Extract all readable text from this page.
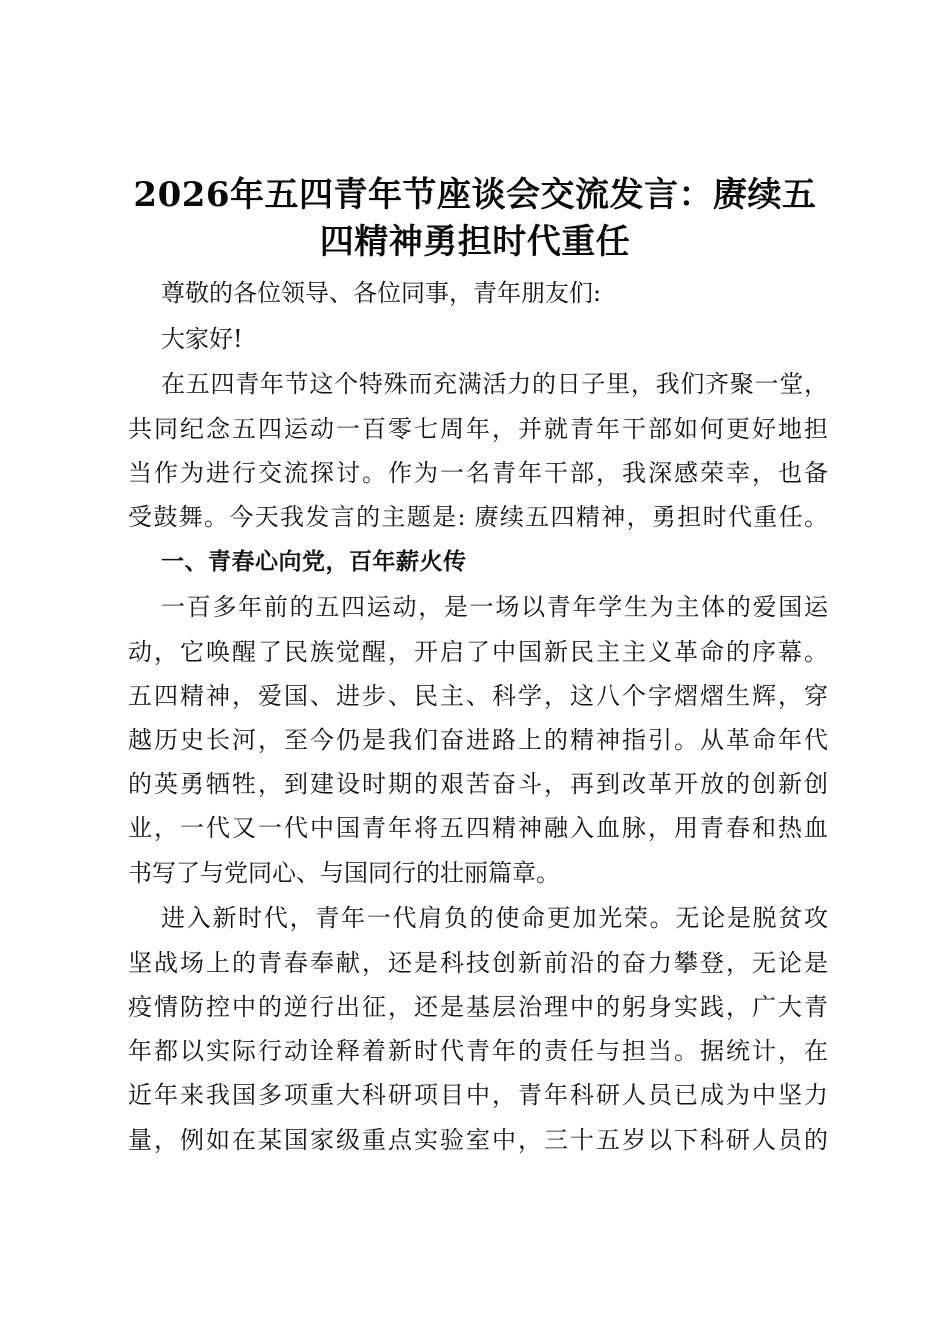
2026年五四青年节座谈会交流发言：赓续五
四精神勇担时代重任
尊敬的各位领导、各位同事，青年朋友们:
大家好!
在五四青年节这个特殊而充满活力的日子里，我们齐聚一堂，
共同纪念五四运动一百零七周年，并就青年干部如何更好地担
当作为进行交流探讨。作为一名青年干部，我深感荣幸，也备
受鼓舞。今天我发言的主题是: 赓续五四精神，勇担时代重任。
一、青春心向党，百年薪火传
一百多年前的五四运动，是一场以青年学生为主体的爱国运
动，它唤醒了民族觉醒，开启了中国新民主主义革命的序幕。
五四精神，爱国、进步、民主、科学，这八个字熠熠生辉，穿
越历史长河，至今仍是我们奋进路上的精神指引。从革命年代
的英勇牺牲，到建设时期的艰苦奋斗，再到改革开放的创新创
业，一代又一代中国青年将五四精神融入血脉，用青春和热血
书写了与党同心、与国同行的壮丽篇章。
进入新时代，青年一代肩负的使命更加光荣。无论是脱贫攻
坚战场上的青春奉献，还是科技创新前沿的奋力攀登，无论是
疫情防控中的逆行出征，还是基层治理中的躬身实践，广大青
年都以实际行动诠释着新时代青年的责任与担当。据统计，在
近年来我国多项重大科研项目中，青年科研人员已成为中坚力
量，例如在某国家级重点实验室中，三十五岁以下科研人员的
